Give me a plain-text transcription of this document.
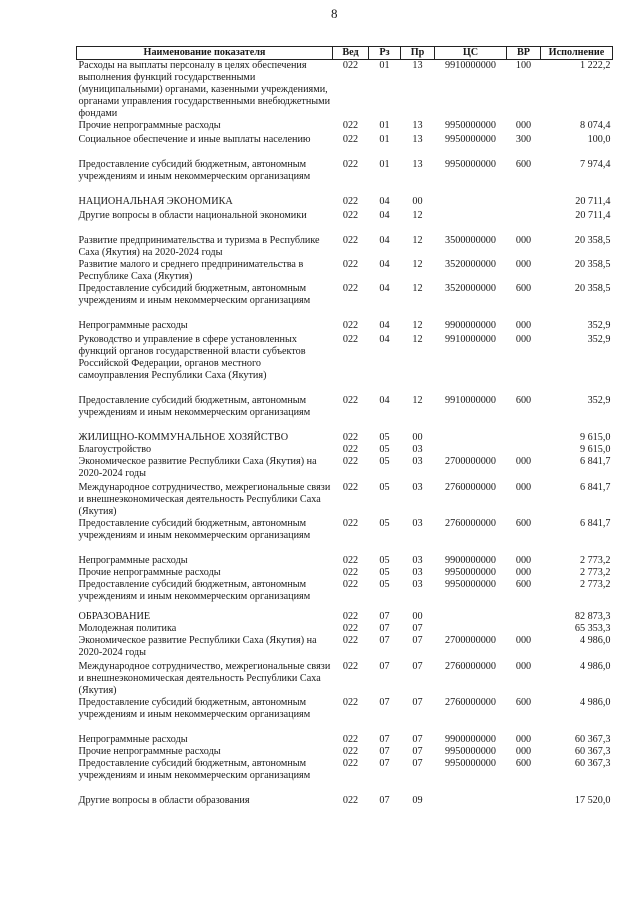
8
Наименование показателя	Вед	Рз	Пр	ЦС	ВР	Исполнение
Расходы на выплаты персоналу в целях обеспечения выполнения функций государственными (муниципальными) органами, казенными учреждениями, органами управления государственными внебюджетными фондами	022	01	13	9910000000	100	1 222,2
Прочие непрограммные расходы	022	01	13	9950000000	000	8 074,4
Социальное обеспечение и иные выплаты населению	022	01	13	9950000000	300	100,0
Предоставление субсидий бюджетным, автономным учреждениям и иным некоммерческим организациям	022	01	13	9950000000	600	7 974,4
НАЦИОНАЛЬНАЯ ЭКОНОМИКА	022	04	00			20 711,4
Другие вопросы в области национальной экономики	022	04	12			20 711,4
Развитие предпринимательства и туризма в Республике Саха (Якутия) на 2020-2024 годы	022	04	12	3500000000	000	20 358,5
Развитие малого и среднего предпринимательства в Республике Саха (Якутия)	022	04	12	3520000000	000	20 358,5
Предоставление субсидий бюджетным, автономным учреждениям и иным некоммерческим организациям	022	04	12	3520000000	600	20 358,5
Непрограммные расходы	022	04	12	9900000000	000	352,9
Руководство и управление в сфере установленных функций органов государственной власти субъектов Российской Федерации, органов местного самоуправления Республики Саха (Якутия)	022	04	12	9910000000	000	352,9
Предоставление субсидий бюджетным, автономным учреждениям и иным некоммерческим организациям	022	04	12	9910000000	600	352,9
ЖИЛИЩНО-КОММУНАЛЬНОЕ ХОЗЯЙСТВО	022	05	00			9 615,0
Благоустройство	022	05	03			9 615,0
Экономическое развитие Республики Саха (Якутия) на 2020-2024 годы	022	05	03	2700000000	000	6 841,7
Международное сотрудничество, межрегиональные связи и внешнеэкономическая деятельность Республики Саха (Якутия)	022	05	03	2760000000	000	6 841,7
Предоставление субсидий бюджетным, автономным учреждениям и иным некоммерческим организациям	022	05	03	2760000000	600	6 841,7
Непрограммные расходы	022	05	03	9900000000	000	2 773,2
Прочие непрограммные расходы	022	05	03	9950000000	000	2 773,2
Предоставление субсидий бюджетным, автономным учреждениям и иным некоммерческим организациям	022	05	03	9950000000	600	2 773,2
ОБРАЗОВАНИЕ	022	07	00			82 873,3
Молодежная политика	022	07	07			65 353,3
Экономическое развитие Республики Саха (Якутия) на 2020-2024 годы	022	07	07	2700000000	000	4 986,0
Международное сотрудничество, межрегиональные связи и внешнеэкономическая деятельность Республики Саха (Якутия)	022	07	07	2760000000	000	4 986,0
Предоставление субсидий бюджетным, автономным учреждениям и иным некоммерческим организациям	022	07	07	2760000000	600	4 986,0
Непрограммные расходы	022	07	07	9900000000	000	60 367,3
Прочие непрограммные расходы	022	07	07	9950000000	000	60 367,3
Предоставление субсидий бюджетным, автономным учреждениям и иным некоммерческим организациям	022	07	07	9950000000	600	60 367,3
Другие вопросы в области образования	022	07	09			17 520,0
